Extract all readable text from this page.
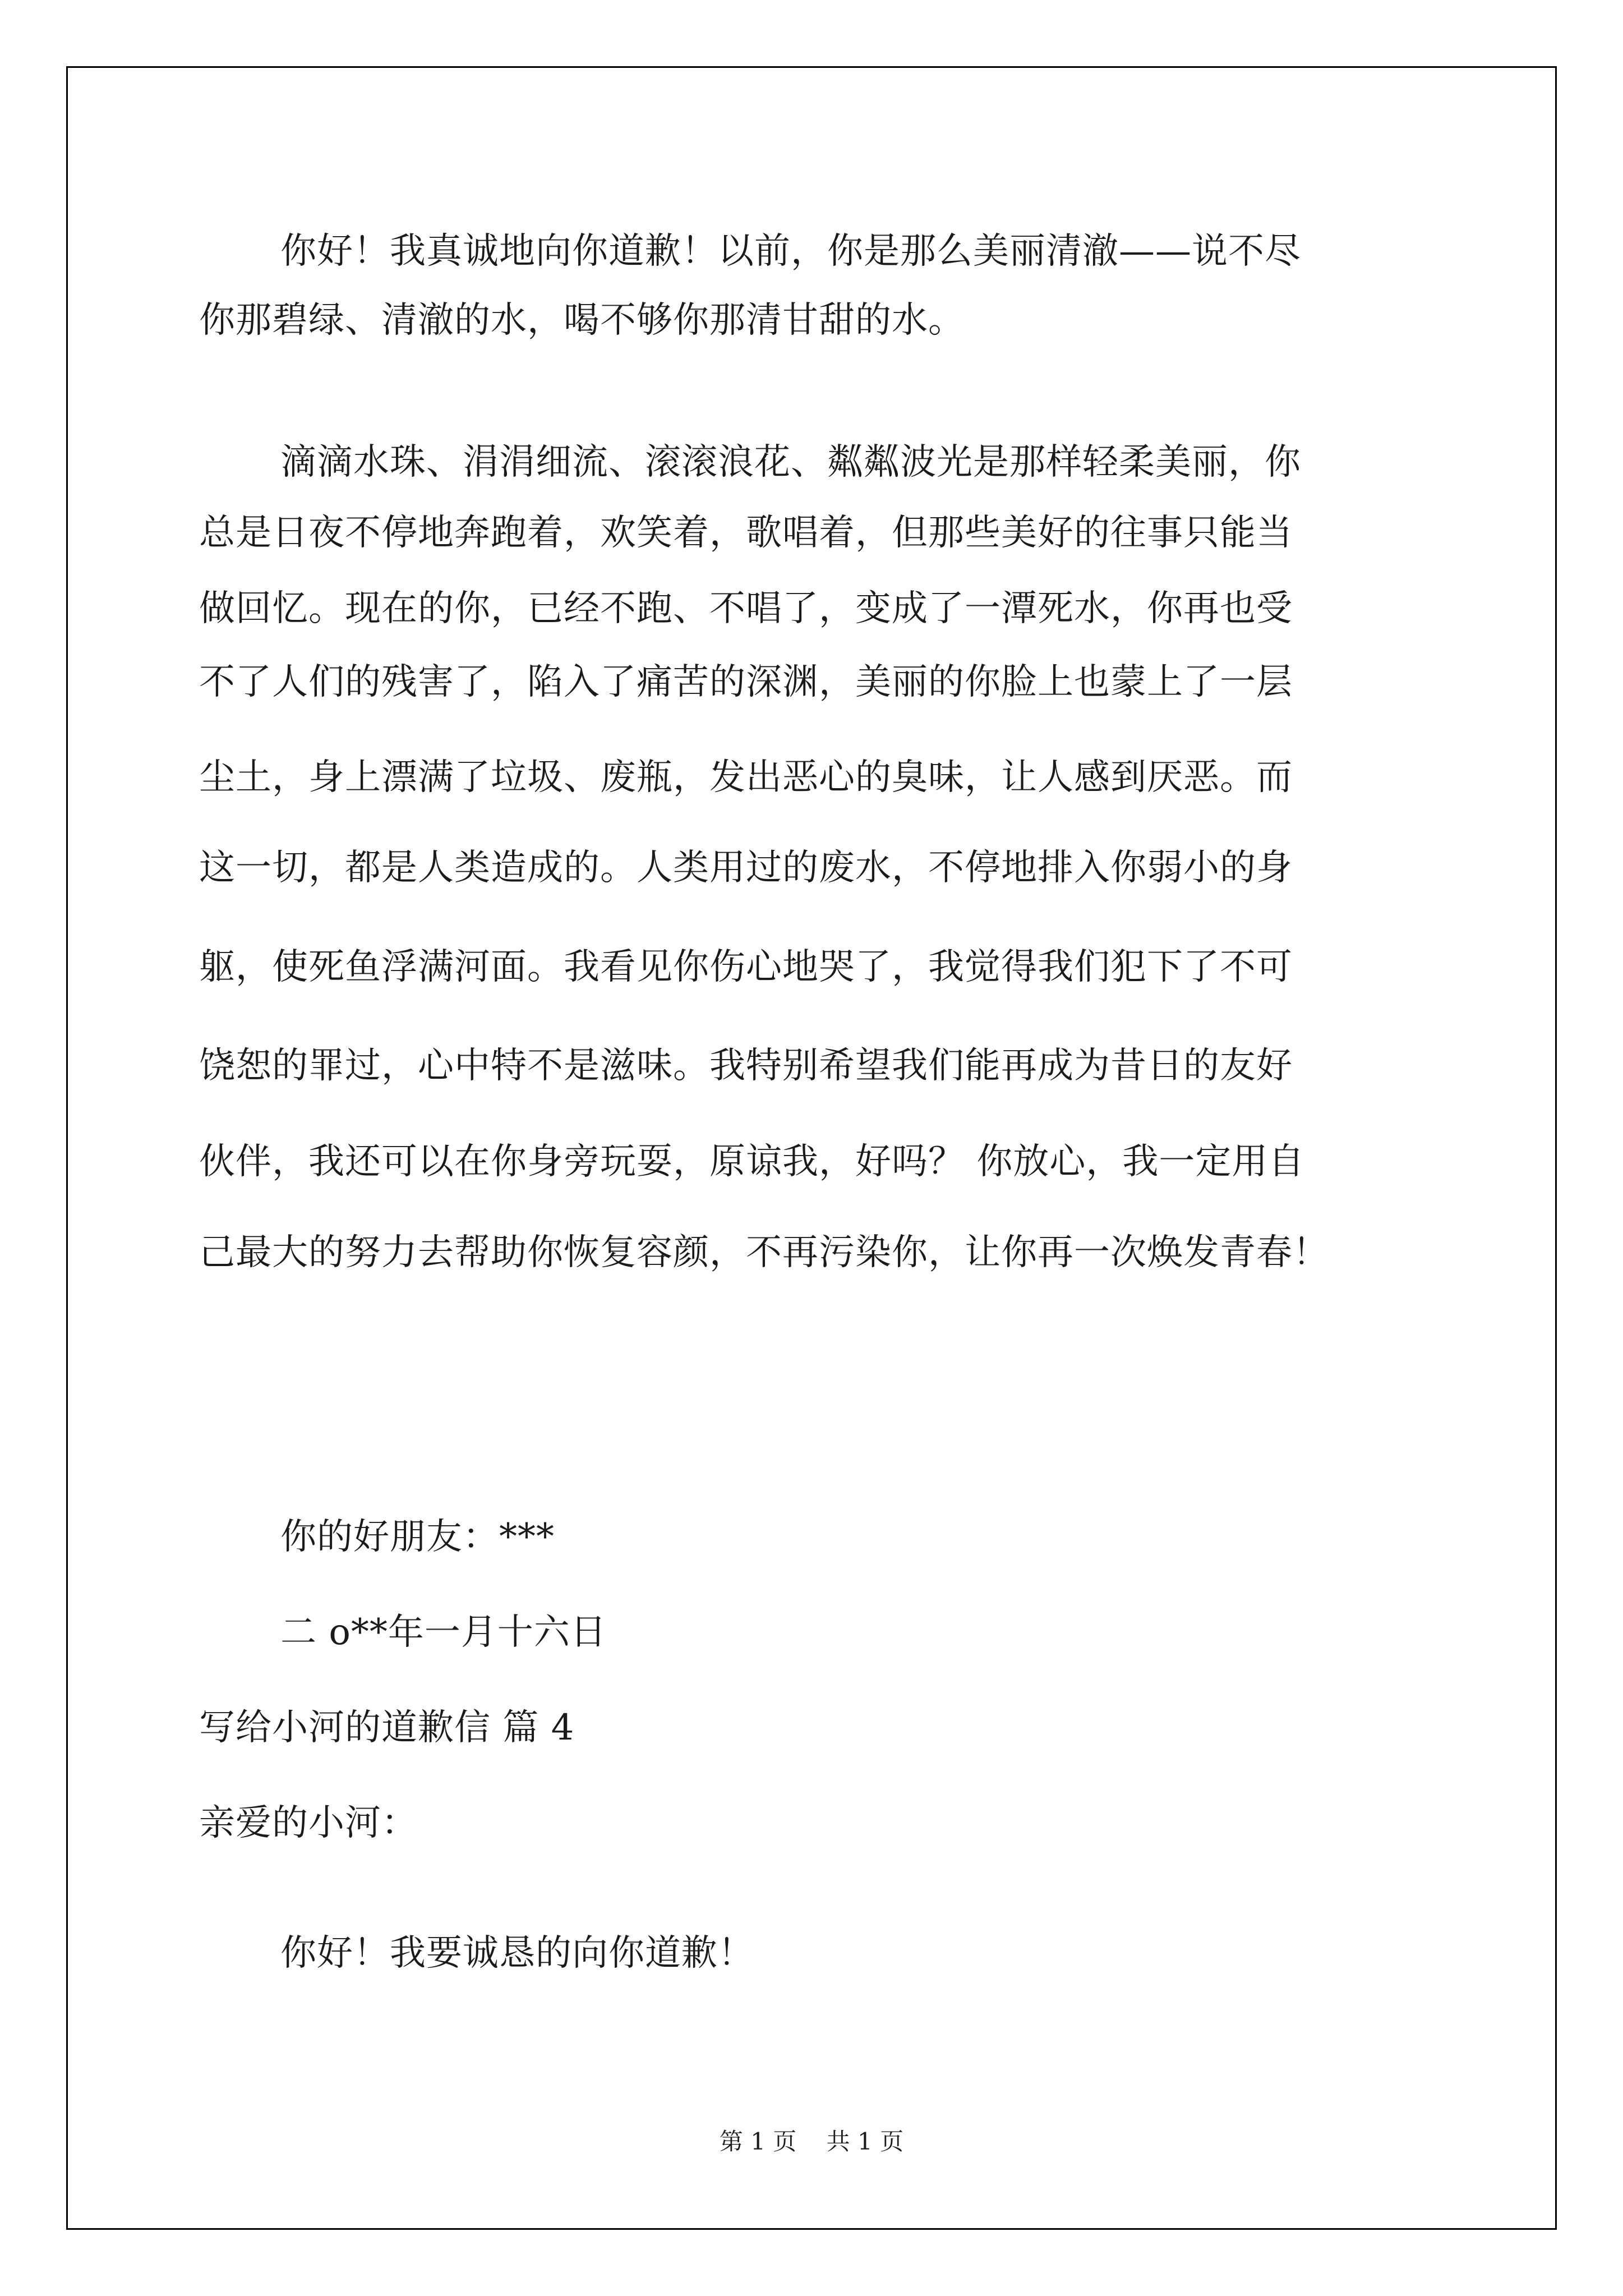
你好！我真诚地向你道歉！以前，你是那么美丽清澈——说不尽
你那碧绿、清澈的水，喝不够你那清甘甜的水。
滴滴水珠、涓涓细流、滚滚浪花、粼粼波光是那样轻柔美丽，你
总是日夜不停地奔跑着，欢笑着，歌唱着，但那些美好的往事只能当
做回忆。现在的你，已经不跑、不唱了，变成了一潭死水，你再也受
不了人们的残害了，陷入了痛苦的深渊，美丽的你脸上也蒙上了一层
尘土，身上漂满了垃圾、废瓶，发出恶心的臭味，让人感到厌恶。而
这一切，都是人类造成的。人类用过的废水，不停地排入你弱小的身
躯，使死鱼浮满河面。我看见你伤心地哭了，我觉得我们犯下了不可
饶恕的罪过，心中特不是滋味。我特别希望我们能再成为昔日的友好
伙伴，我还可以在你身旁玩耍，原谅我，好吗？ 你放心，我一定用自
己最大的努力去帮助你恢复容颜，不再污染你，让你再一次焕发青春！
你的好朋友：***
二 o**年一月十六日
写给小河的道歉信 篇 4
亲爱的小河：
你好！我要诚恳的向你道歉！
第 1 页 共 1 页
